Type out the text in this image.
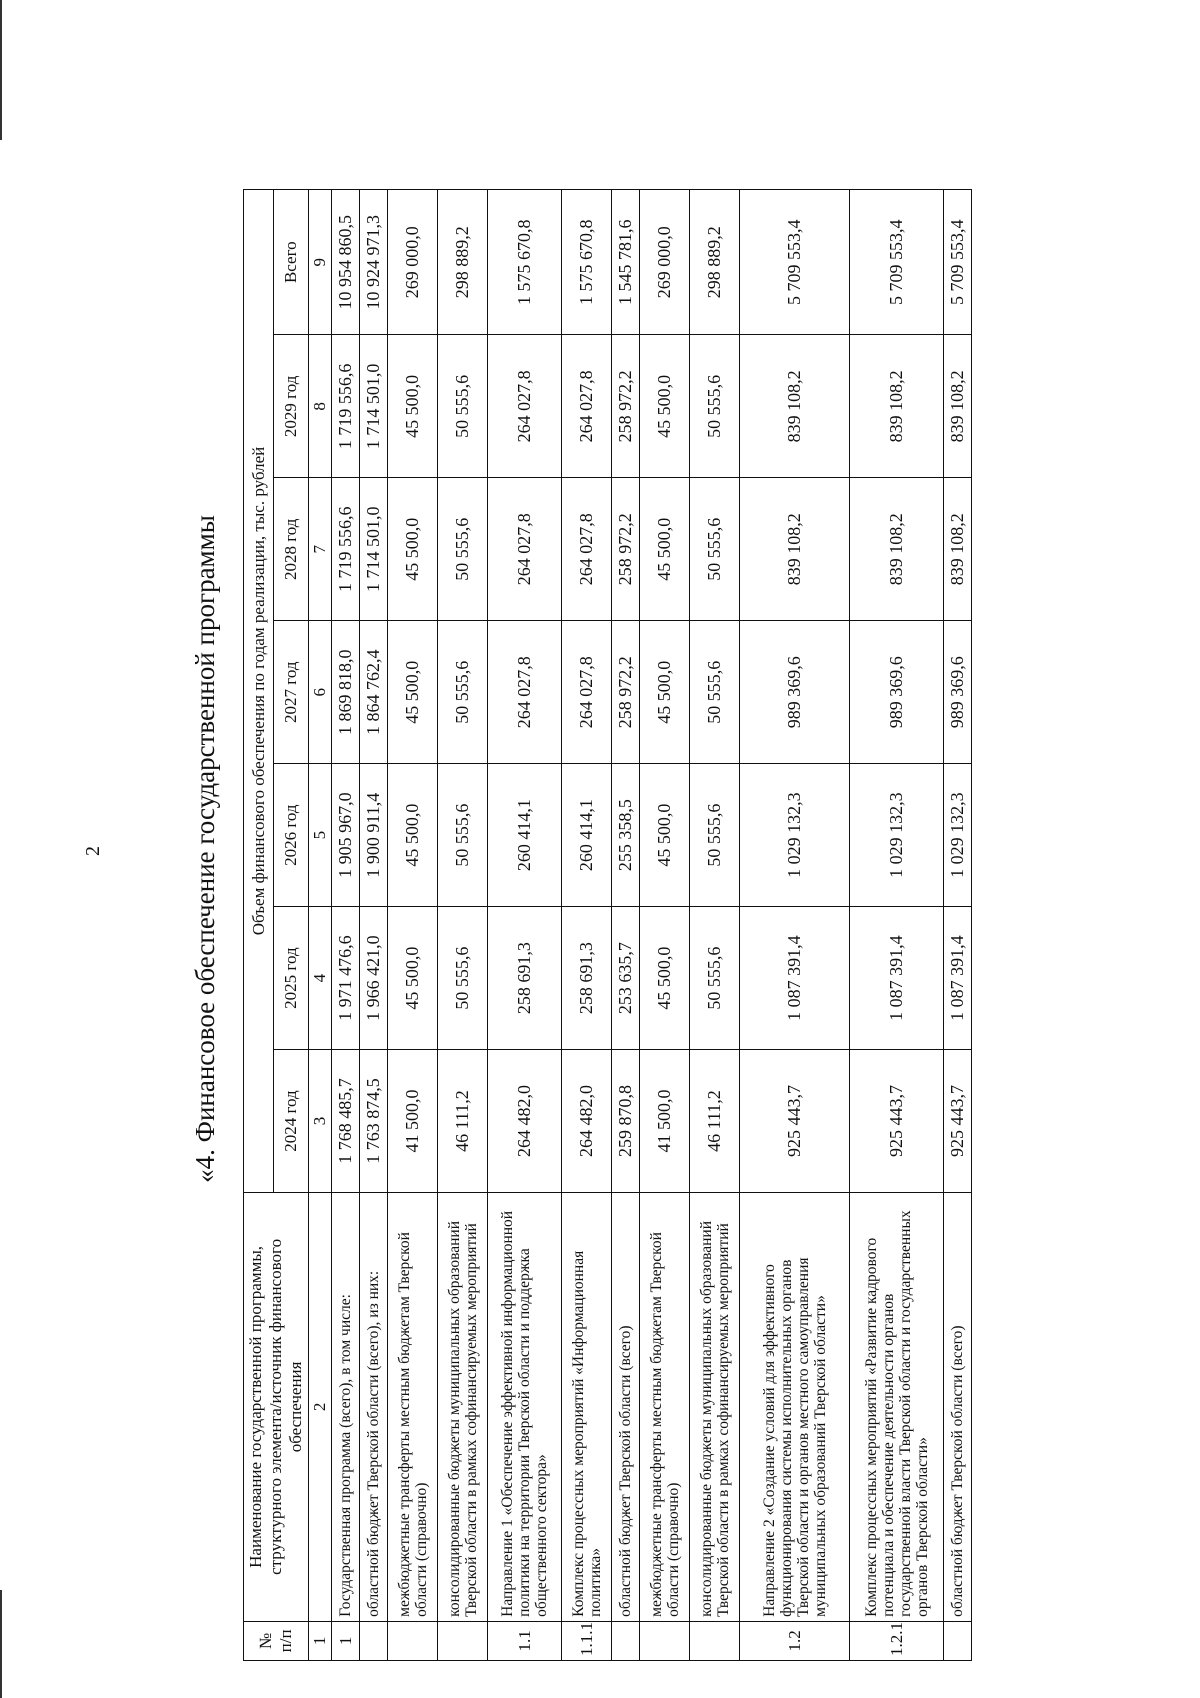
2	«4. Финансовое обеспечение государственной программы
№ п/п	Наименование государственной программы, структурного элемента/источник финансового обеспечения	Объем финансового обеспечения по годам реализации, тыс. рублей						
		2024 год	2025 год	2026 год	2027 год	2028 год	2029 год	Всего
1	2	3	4	5	6	7	8	9
1	Государственная программа (всего), в том числе:	1 768 485,7	1 971 476,6	1 905 967,0	1 869 818,0	1 719 556,6	1 719 556,6	10 954 860,5
	областной бюджет Тверской области (всего), из них:	1 763 874,5	1 966 421,0	1 900 911,4	1 864 762,4	1 714 501,0	1 714 501,0	10 924 971,3
	межбюджетные трансферты местным бюджетам Тверской области (справочно)	41 500,0	45 500,0	45 500,0	45 500,0	45 500,0	45 500,0	269 000,0
	консолидированные бюджеты муниципальных образований Тверской области в рамках софинансируемых мероприятий	46 111,2	50 555,6	50 555,6	50 555,6	50 555,6	50 555,6	298 889,2
1.1	Направление 1 «Обеспечение эффективной информационной политики на территории Тверской области и поддержка общественного сектора»	264 482,0	258 691,3	260 414,1	264 027,8	264 027,8	264 027,8	1 575 670,8
1.1.1	Комплекс процессных мероприятий «Информационная политика»	264 482,0	258 691,3	260 414,1	264 027,8	264 027,8	264 027,8	1 575 670,8
	областной бюджет Тверской области (всего)	259 870,8	253 635,7	255 358,5	258 972,2	258 972,2	258 972,2	1 545 781,6
	межбюджетные трансферты местным бюджетам Тверской области (справочно)	41 500,0	45 500,0	45 500,0	45 500,0	45 500,0	45 500,0	269 000,0
	консолидированные бюджеты муниципальных образований Тверской области в рамках софинансируемых мероприятий	46 111,2	50 555,6	50 555,6	50 555,6	50 555,6	50 555,6	298 889,2
1.2	Направление 2 «Создание условий для эффективного функционирования системы исполнительных органов Тверской области и органов местного самоуправления муниципальных образований Тверской области»	925 443,7	1 087 391,4	1 029 132,3	989 369,6	839 108,2	839 108,2	5 709 553,4
1.2.1	Комплекс процессных мероприятий «Развитие кадрового потенциала и обеспечение деятельности органов государственной власти Тверской области и государственных органов Тверской области»	925 443,7	1 087 391,4	1 029 132,3	989 369,6	839 108,2	839 108,2	5 709 553,4
	областной бюджет Тверской области (всего)	925 443,7	1 087 391,4	1 029 132,3	989 369,6	839 108,2	839 108,2	5 709 553,4
